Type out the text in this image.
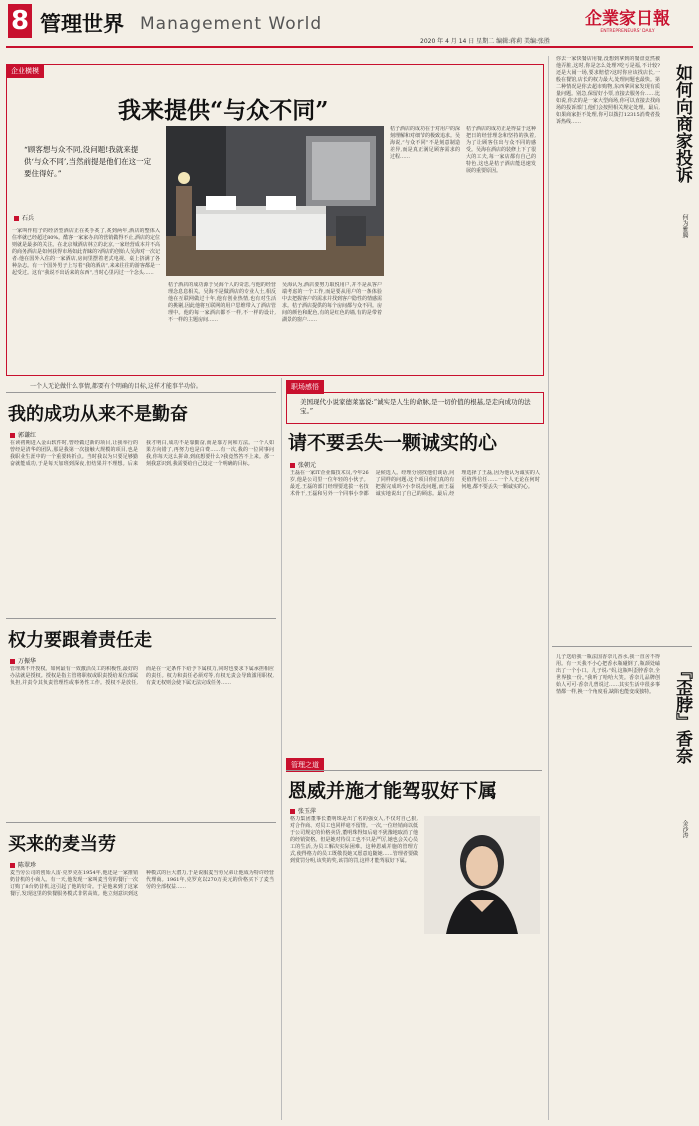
8 管理世界 Management World	企業家日報
ENTREPRENEURS' DAILY
2020 年 4 月 14 日 星期二 编辑:蒋莉 美编:张胜
企业横模
我来提供“与众不同”
“顾客想与众不同,没问题!我就来提供‘与众不同’,当然前提是他们在这一定要住得好。”
石兵
一家叫作桔子的经济型酒店正在炙手炙了,炙到两年,酒店的整体入住率就已经超过80%。酷客一家家办店的营销做得不止,酒店的定位则就是最多的关注。在北京城酒店林立的北京,一家经营成本并不高的商务酒店是如何获得市场如此青睐的?酒店的创始人吴海对一次记者:他在国外入住的一家酒店,房间里摆着老式电视、桌上挤满了各种杂志。有一个国外男子上写着“我的酒店”,来来往往的游客都是一起受过。这有“我说不出话来的东西”,当时心里闪过一个念头……
桔子酒店的成功源于吴海个人的奇思,与他的经营理念息息相关。吴海不是做酒店的专业人士,相反他在互联网做过十年,他有创业热情,也有对生活的挑剔,因此他将互联网的用户思维带入了酒店管理中。他的每一家酒店都不一样,不一样的设计,不一样的主题房间……
吴海认为,酒店要努力取悦用户,并不是从客户端考虑的一个工作,而是要从用户的一条体验中去把握客户的需求并找到客户隐性的情感需求。桔子酒店提供的每个房间都与众不同。房间的颜色和配色,有的是红色的墙,有的是带着湖景的窗户……
桔子酒店的成功在于对用户的深刻理解和对细节的极致追求。吴海说,“与众不同”不是刻意制造差异,而是真正满足顾客需求的过程……
桔子酒店的成功正是得益于这种把日的经营理念和坚持的执着,为了让顾客住出与众不同的感受。吴海在酒店的装修上下了很大的工夫,每一家店都有自己的特色,这也是桔子酒店能迅速发展的重要原因。
你去一家快餐店用餐,没想到拿到的餐盘竟然被他弄脏,这时,你是怎么处理?吃亏是福,不计较?还是大闹一场,要求赔偿?这时你应该找店长,一般在餐馆,店长的权力最大,处理问题也最快。第二种情况是你去超市购物,东西拿回家发现有质量问题。别急,保留好小票,直接去服务台……比如说,你去的是一家大型商场,你可以直接去找商场的投诉部门,他们会按照相关规定处理。最后,如果商家拒不处理,你可以拨打12315消费者投诉热线……	如何向商家投诉
何为雅腾
一个人无论做什么事情,都要有个明确的目标,这样才能事半功倍。
我的成功从来不是勤奋
郭谦红
在读初期进入金山软件时,曾经做过新的项目,让我举行的曾经是清华的团队,那是我第一次接触大规模的项目,也是我职业生涯中的一个重要转折点。当时我以为只要足够勤奋就能成功,于是每天加班到深夜,但结果并不理想。后来我才明白,成功不是靠勤奋,而是靠方向和方法。一个人如果方向错了,再努力也是白费……有一次,我的一位同事问我,你每天这么拼命,到底想要什么?我竟然答不上来。那一刻我意识到,我需要给自己设定一个明确的目标。
权力要跟着责任走
万振华
管理离不开授权。如何最有一效激活员工的积极性,最好的办法就是授权。授权是指主管将职权或职责授给某位部属负担,并责令其负责管理性或事务性工作。授权不是放任,而是在一定条件下给予下属权力,同时也要求下属承担相应的责任。权力和责任必须对等,有权无责会导致滥用职权,有责无权则会使下属无法完成任务……
买来的麦当劳
陈翠珍
麦当劳公司的创始人雷·克罗克在1954年,他还是一家推销奶昔机的小商人。有一天,他发现一家叫麦当劳的餐厅一次订购了8台奶昔机,这引起了他的好奇。于是他来到了这家餐厅,发现这里的快餐服务模式非常高效。他立刻意识到这种模式的巨大潜力,于是说服麦当劳兄弟让他成为特许经营代理商。1961年,克罗克以270万美元的价格买下了麦当劳的全部权益……
职场感悟
美国现代小说家德莱塞说:“诚实是人生的命脉,是一切价值的根基,是走向成功的法宝。”
请不要丢失一颗诚实的心
张朝元
王磊在一家IT企业做技术员,今年26岁,他是公司里一位年轻的小伙子。最近,王磊的部门经理要选拔一名技术骨干,王磊和另外一个同事小李都是候选人。经理分别找他们谈话,问了同样的问题:这个项目你们真的有把握完成吗?小李说没问题,而王磊诚实地说出了自己的顾虑。最后,经理选择了王磊,因为他认为诚实的人更值得信任……一个人无论在何时何地,都不要丢失一颗诚实的心。
管理之道
恩威并施才能驾驭好下属
张玉萍
格力集团董事长董明珠是出了名的强女人,不仅对自己狠,对合作商、对员工也同样毫不留情。一次,一位经销商以低于公司规定的价格卖货,董明珠得知后毫不犹豫地取消了他的经销资格。但是她对待员工也不只是严厉,她也会关心员工的生活,为员工解决实际困难。这种恩威并施的管理方式,使得格力的员工既敬畏她又愿意追随她……管理者要做到赏罚分明,该奖的奖,该罚的罚,这样才能驾驭好下属。
儿子送给我一瓶法国香奈儿香水,我一直舍不得用。有一天我不小心把香水瓶碰倒了,瓶颈处磕出了一个小口。儿子说:“妈,这瓶叫歪脖香奈,全世界独一份。”我听了哈哈大笑。香奈儿品牌创始人可可·香奈儿曾说过……其实生活中很多事情都一样,换一个角度看,缺陷也能变成独特。	『歪脖』香奈
金沙涛
